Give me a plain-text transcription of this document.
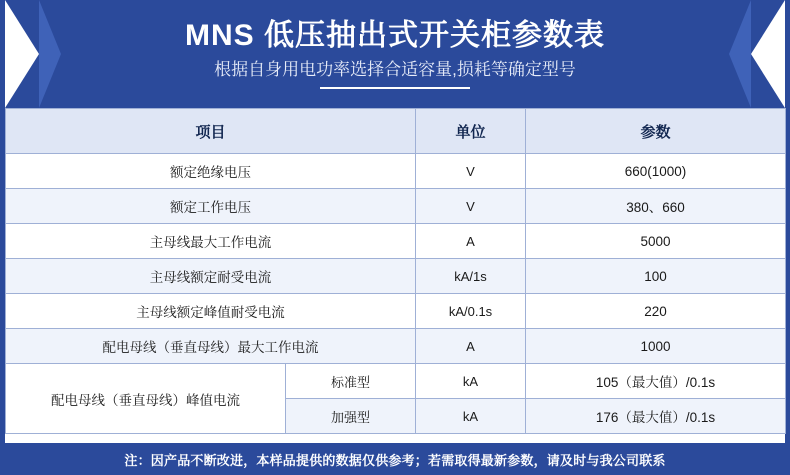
MNS 低压抽出式开关柜参数表

根据自身用电功率选择合适容量,损耗等确定型号

项目		单位	参数
额定绝缘电压		V	660(1000)
额定工作电压		V	380、660
主母线最大工作电流		A	5000
主母线额定耐受电流		kA/1s	100
主母线额定峰值耐受电流		kA/0.1s	220
配电母线（垂直母线）最大工作电流		A	1000
配电母线（垂直母线）峰值电流	标准型	kA	105（最大值）/0.1s
	加强型	kA	176（最大值）/0.1s
注：因产品不断改进，本样品提供的数据仅供参考；若需取得最新参数，请及时与我公司联系
